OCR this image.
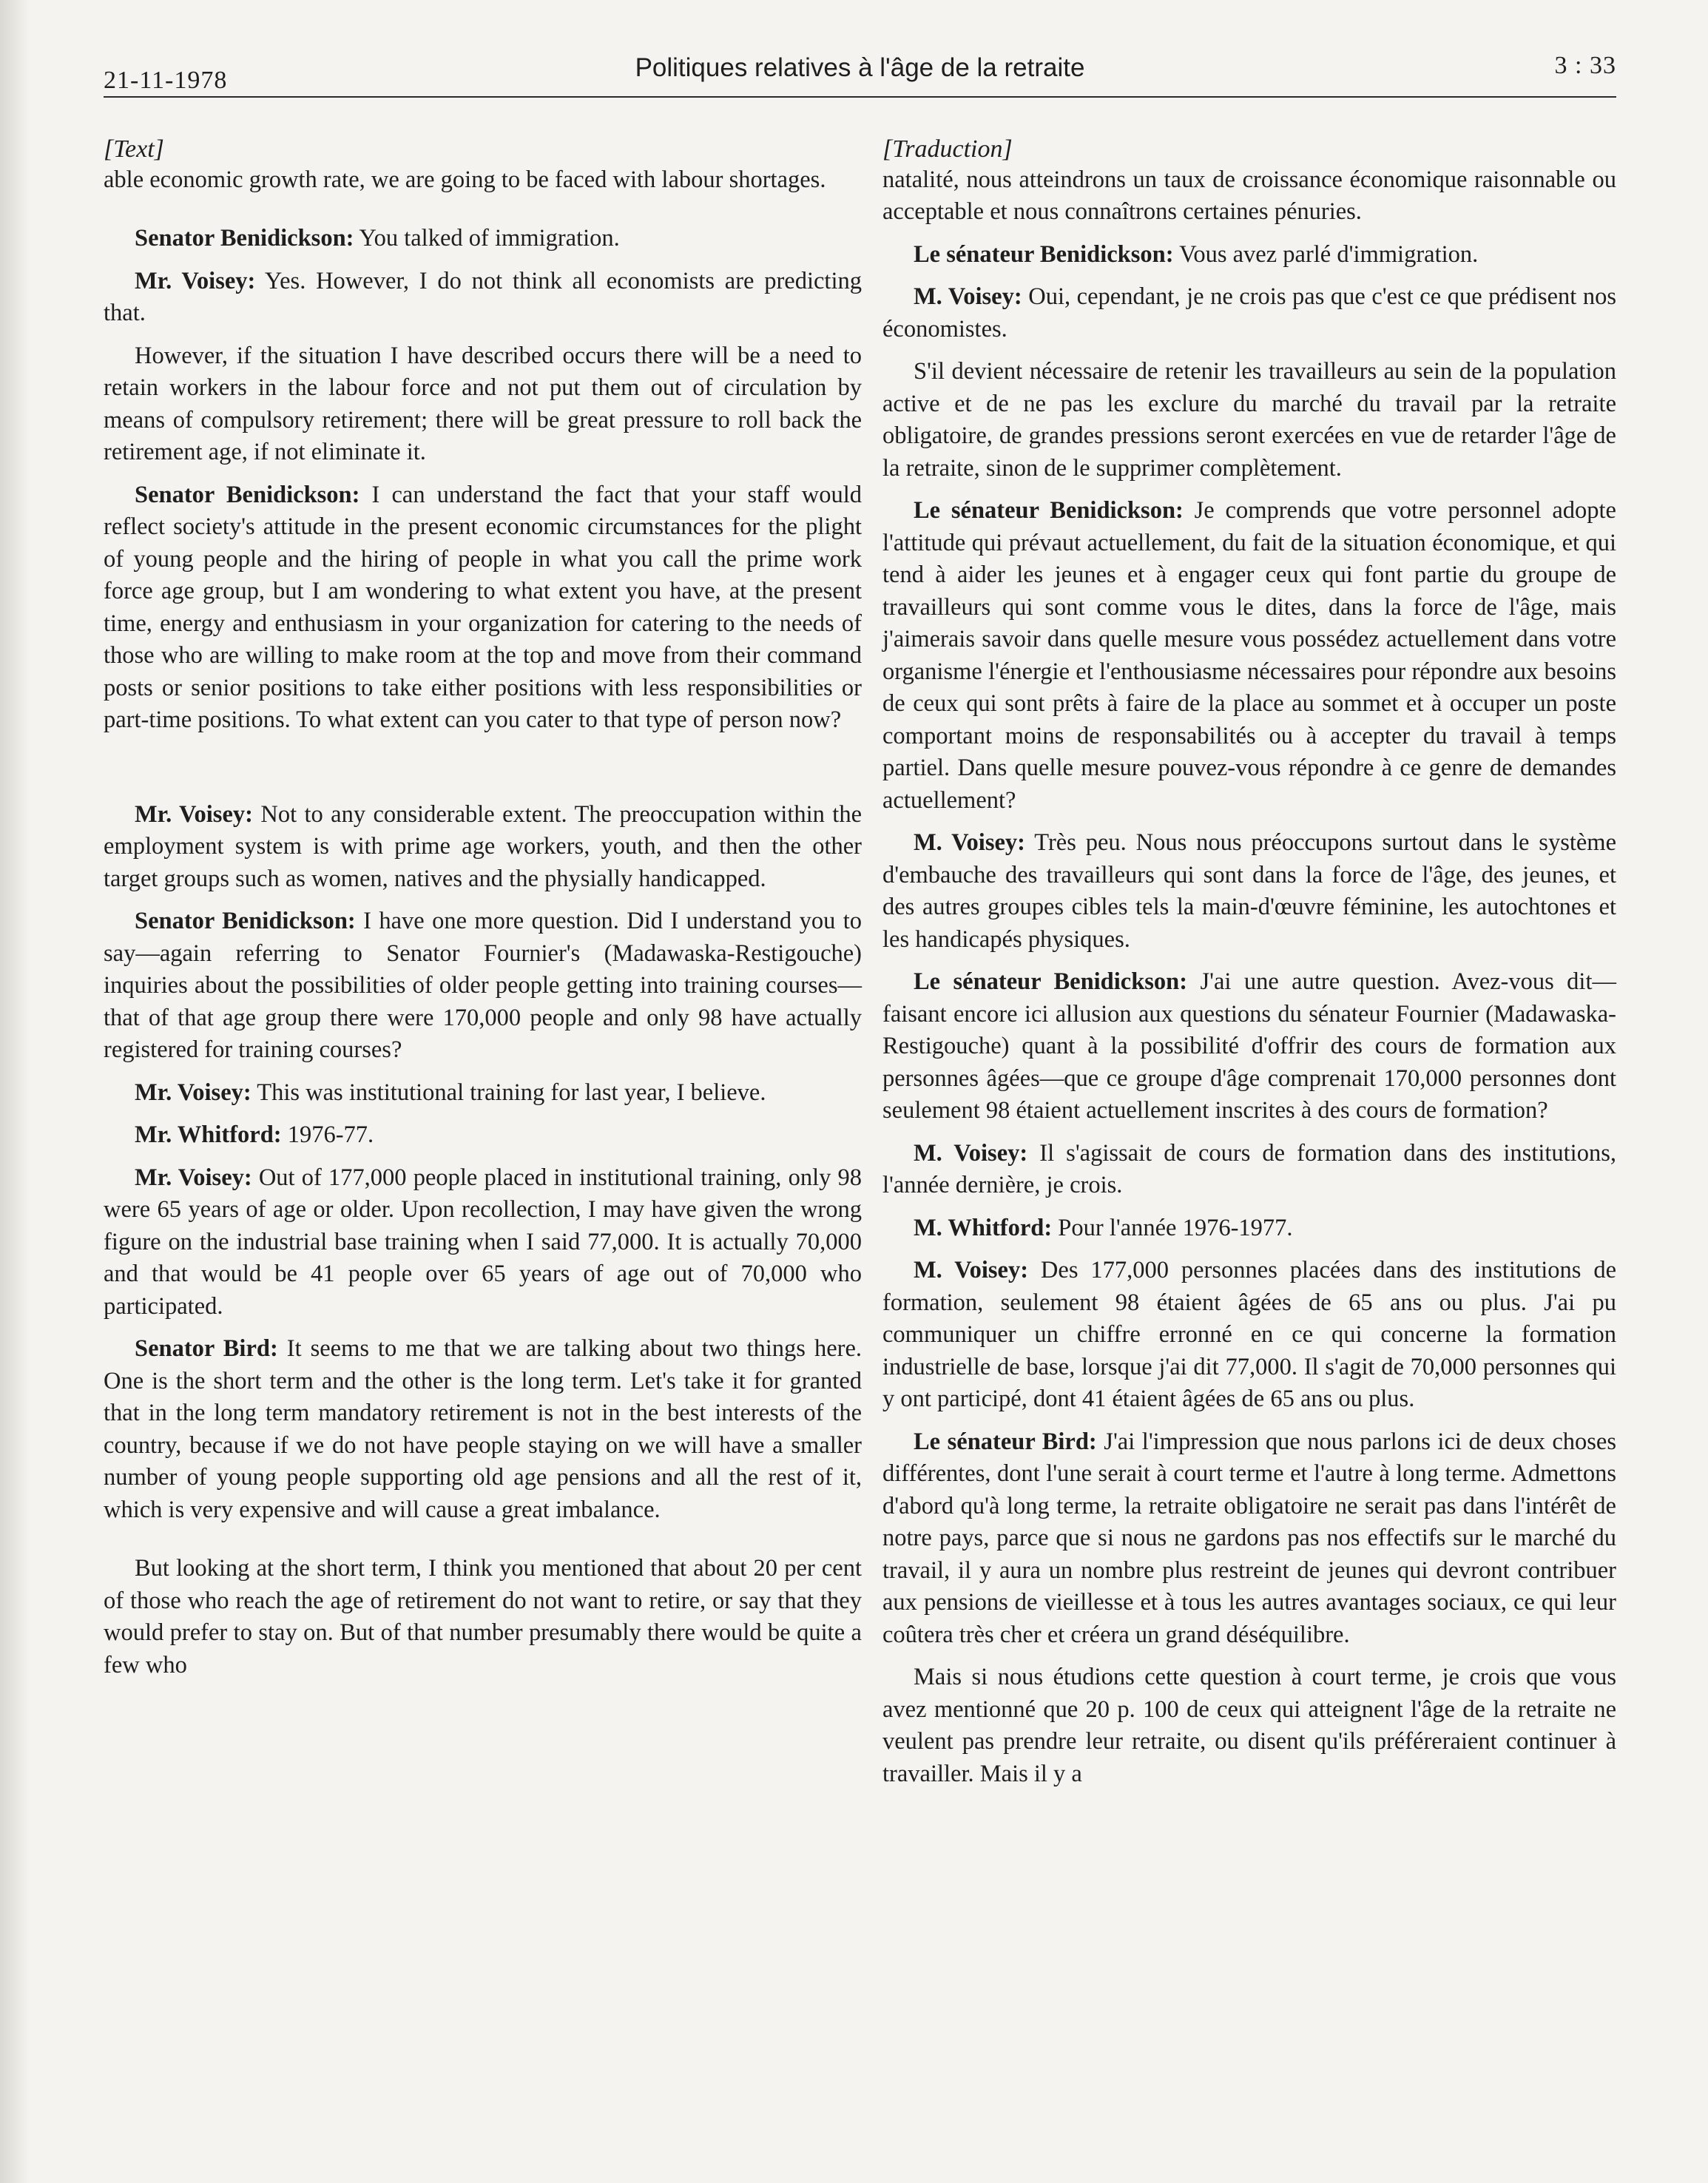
21-11-1978	Politiques relatives à l'âge de la retraite	3 : 33
[Text]

able economic growth rate, we are going to be faced with labour shortages.

Senator Benidickson: You talked of immigration.

Mr. Voisey: Yes. However, I do not think all economists are predicting that.

However, if the situation I have described occurs there will be a need to retain workers in the labour force and not put them out of circulation by means of compulsory retirement; there will be great pressure to roll back the retirement age, if not eliminate it.

Senator Benidickson: I can understand the fact that your staff would reflect society's attitude in the present economic circumstances for the plight of young people and the hiring of people in what you call the prime work force age group, but I am wondering to what extent you have, at the present time, energy and enthusiasm in your organization for catering to the needs of those who are willing to make room at the top and move from their command posts or senior positions to take either positions with less responsibilities or part-time positions. To what extent can you cater to that type of person now?

Mr. Voisey: Not to any considerable extent. The preoccupation within the employment system is with prime age workers, youth, and then the other target groups such as women, natives and the physially handicapped.

Senator Benidickson: I have one more question. Did I understand you to say—again referring to Senator Fournier's (Madawaska-Restigouche) inquiries about the possibilities of older people getting into training courses—that of that age group there were 170,000 people and only 98 have actually registered for training courses?

Mr. Voisey: This was institutional training for last year, I believe.

Mr. Whitford: 1976-77.

Mr. Voisey: Out of 177,000 people placed in institutional training, only 98 were 65 years of age or older. Upon recollection, I may have given the wrong figure on the industrial base training when I said 77,000. It is actually 70,000 and that would be 41 people over 65 years of age out of 70,000 who participated.

Senator Bird: It seems to me that we are talking about two things here. One is the short term and the other is the long term. Let's take it for granted that in the long term mandatory retirement is not in the best interests of the country, because if we do not have people staying on we will have a smaller number of young people supporting old age pensions and all the rest of it, which is very expensive and will cause a great imbalance.

But looking at the short term, I think you mentioned that about 20 per cent of those who reach the age of retirement do not want to retire, or say that they would prefer to stay on. But of that number presumably there would be quite a few who

[Traduction]

natalité, nous atteindrons un taux de croissance économique raisonnable ou acceptable et nous connaîtrons certaines pénuries.

Le sénateur Benidickson: Vous avez parlé d'immigration.

M. Voisey: Oui, cependant, je ne crois pas que c'est ce que prédisent nos économistes.

S'il devient nécessaire de retenir les travailleurs au sein de la population active et de ne pas les exclure du marché du travail par la retraite obligatoire, de grandes pressions seront exercées en vue de retarder l'âge de la retraite, sinon de le supprimer complètement.

Le sénateur Benidickson: Je comprends que votre personnel adopte l'attitude qui prévaut actuellement, du fait de la situation économique, et qui tend à aider les jeunes et à engager ceux qui font partie du groupe de travailleurs qui sont comme vous le dites, dans la force de l'âge, mais j'aimerais savoir dans quelle mesure vous possédez actuellement dans votre organisme l'énergie et l'enthousiasme nécessaires pour répondre aux besoins de ceux qui sont prêts à faire de la place au sommet et à occuper un poste comportant moins de responsabilités ou à accepter du travail à temps partiel. Dans quelle mesure pouvez-vous répondre à ce genre de demandes actuellement?

M. Voisey: Très peu. Nous nous préoccupons surtout dans le système d'embauche des travailleurs qui sont dans la force de l'âge, des jeunes, et des autres groupes cibles tels la main-d'œuvre féminine, les autochtones et les handicapés physiques.

Le sénateur Benidickson: J'ai une autre question. Avez-vous dit—faisant encore ici allusion aux questions du sénateur Fournier (Madawaska-Restigouche) quant à la possibilité d'offrir des cours de formation aux personnes âgées—que ce groupe d'âge comprenait 170,000 personnes dont seulement 98 étaient actuellement inscrites à des cours de formation?

M. Voisey: Il s'agissait de cours de formation dans des institutions, l'année dernière, je crois.

M. Whitford: Pour l'année 1976-1977.

M. Voisey: Des 177,000 personnes placées dans des institutions de formation, seulement 98 étaient âgées de 65 ans ou plus. J'ai pu communiquer un chiffre erronné en ce qui concerne la formation industrielle de base, lorsque j'ai dit 77,000. Il s'agit de 70,000 personnes qui y ont participé, dont 41 étaient âgées de 65 ans ou plus.

Le sénateur Bird: J'ai l'impression que nous parlons ici de deux choses différentes, dont l'une serait à court terme et l'autre à long terme. Admettons d'abord qu'à long terme, la retraite obligatoire ne serait pas dans l'intérêt de notre pays, parce que si nous ne gardons pas nos effectifs sur le marché du travail, il y aura un nombre plus restreint de jeunes qui devront contribuer aux pensions de vieillesse et à tous les autres avantages sociaux, ce qui leur coûtera très cher et créera un grand déséquilibre.

Mais si nous étudions cette question à court terme, je crois que vous avez mentionné que 20 p. 100 de ceux qui atteignent l'âge de la retraite ne veulent pas prendre leur retraite, ou disent qu'ils préféreraient continuer à travailler. Mais il y a
